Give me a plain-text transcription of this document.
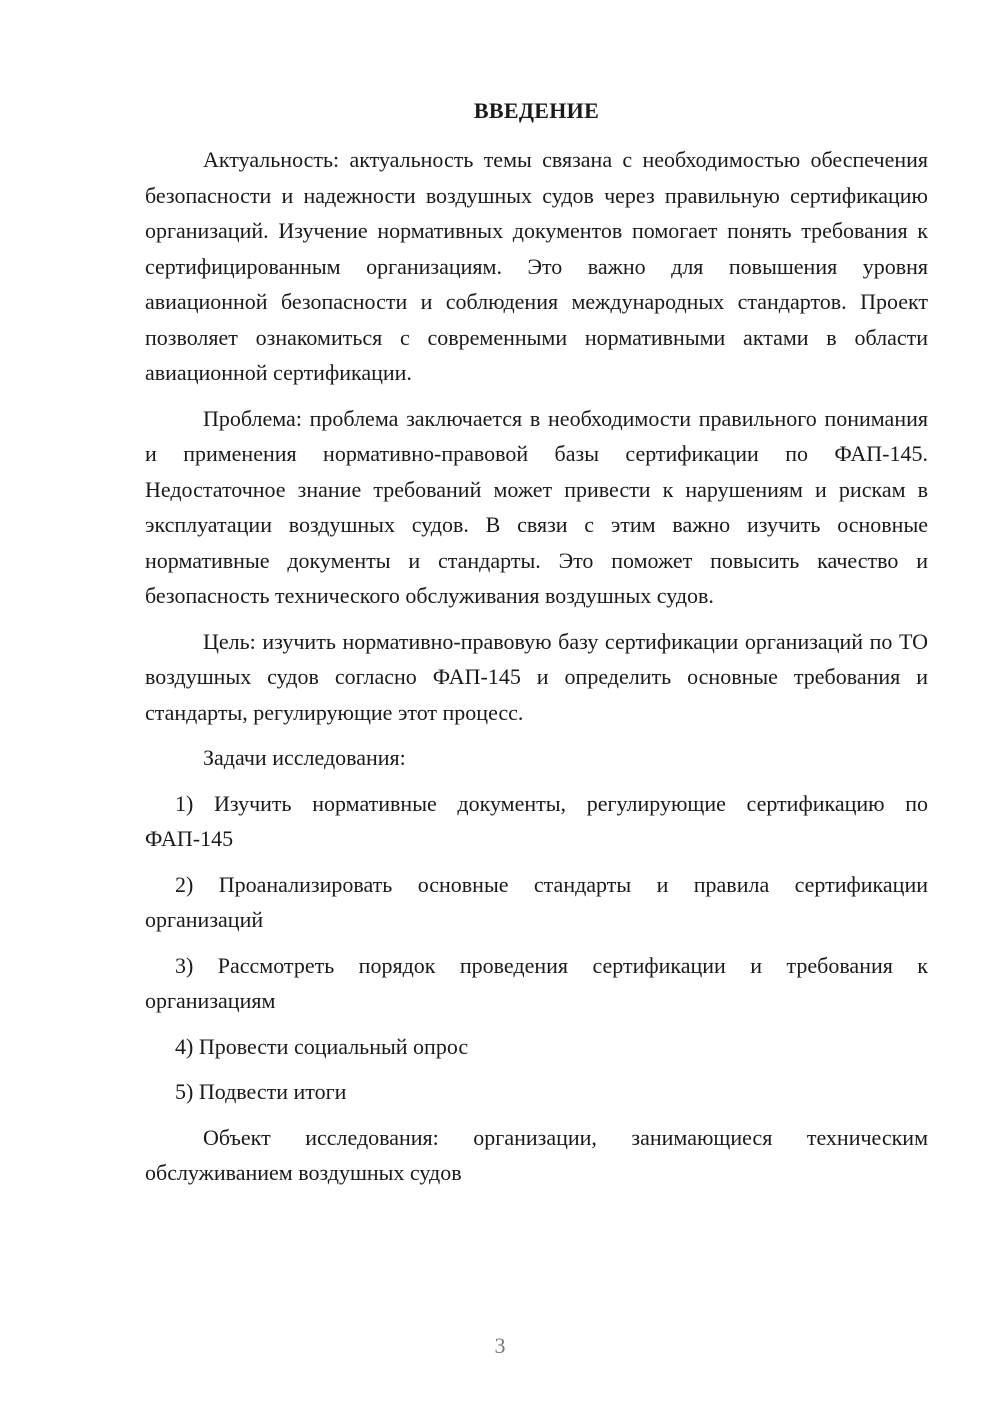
ВВЕДЕНИЕ

Актуальность: актуальность темы связана с необходимостью обеспечения безопасности и надежности воздушных судов через правильную сертификацию организаций. Изучение нормативных документов помогает понять требования к сертифицированным организациям. Это важно для повышения уровня авиационной безопасности и соблюдения международных стандартов. Проект позволяет ознакомиться с современными нормативными актами в области авиационной сертификации.

Проблема: проблема заключается в необходимости правильного понимания и применения нормативно-правовой базы сертификации по ФАП-145. Недостаточное знание требований может привести к нарушениям и рискам в эксплуатации воздушных судов. В связи с этим важно изучить основные нормативные документы и стандарты. Это поможет повысить качество и безопасность технического обслуживания воздушных судов.

Цель: изучить нормативно-правовую базу сертификации организаций по ТО воздушных судов согласно ФАП-145 и определить основные требования и стандарты, регулирующие этот процесс.

Задачи исследования:

1) Изучить нормативные документы, регулирующие сертификацию по ФАП-145

2) Проанализировать основные стандарты и правила сертификации организаций

3) Рассмотреть порядок проведения сертификации и требования к организациям

4) Провести социальный опрос

5) Подвести итоги

Объект исследования: организации, занимающиеся техническим обслуживанием воздушных судов

3
